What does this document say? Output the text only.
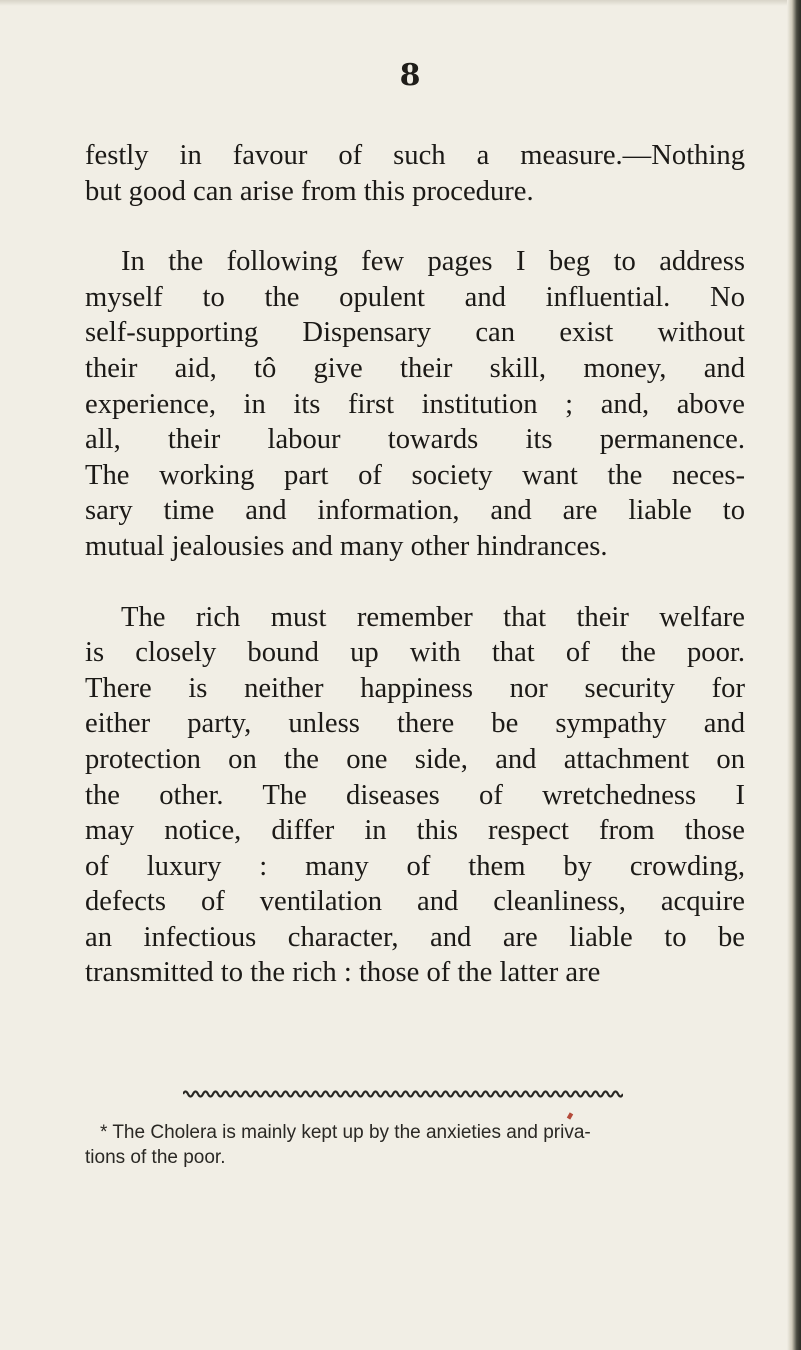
8
festly in favour of such a measure.—Nothing
but good can arise from this procedure.
In the following few pages I beg to address
myself to the opulent and influential. No
self-supporting Dispensary can exist without
their aid, tô give their skill, money, and
experience, in its first institution ; and, above
all, their labour towards its permanence.
The working part of society want the neces-
sary time and information, and are liable to
mutual jealousies and many other hindrances.
The rich must remember that their welfare
is closely bound up with that of the poor.
There is neither happiness nor security for
either party, unless there be sympathy and
protection on the one side, and attachment on
the other. The diseases of wretchedness I
may notice, differ in this respect from those
of luxury : many of them by crowding,
defects of ventilation and cleanliness, acquire
an infectious character, and are liable to be
transmitted to the rich : those of the latter are
* The Cholera is mainly kept up by the anxieties and priva-
tions of the poor.
